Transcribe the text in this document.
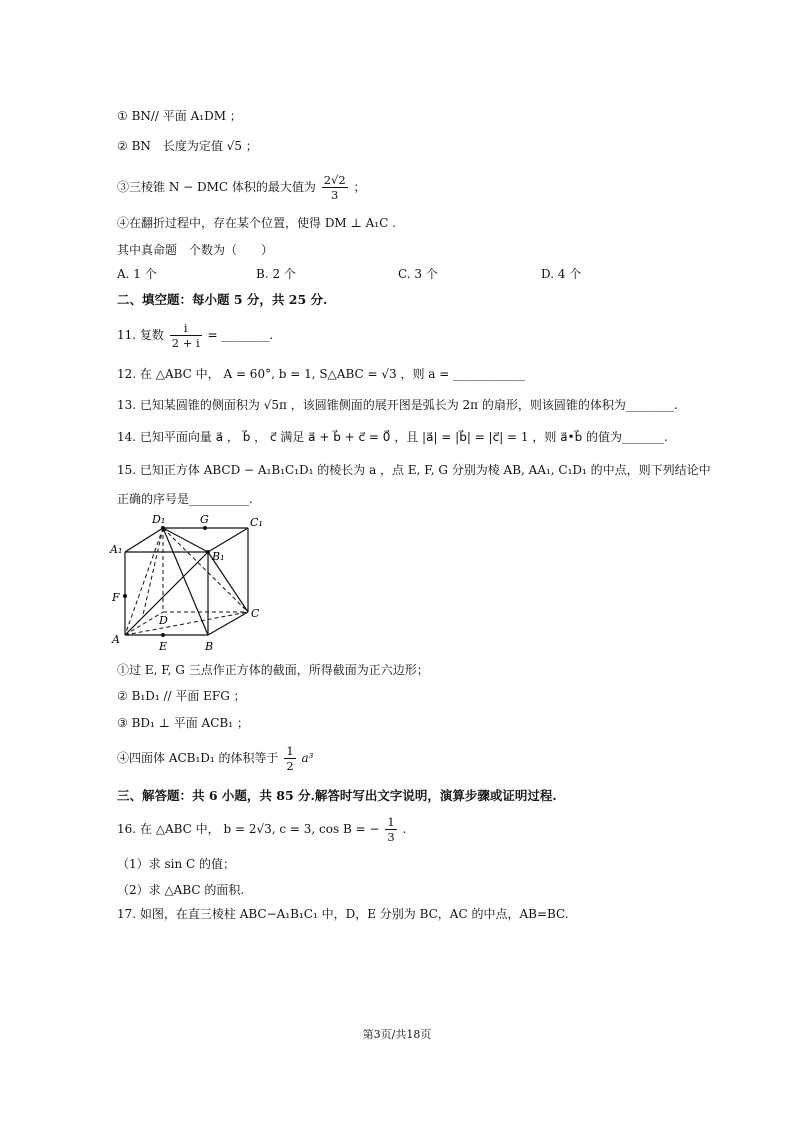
① BN// 平面 A₁DM ；
② BN　长度为定值 √5 ；
③三棱锥 N − DMC 体积的最大值为 $\frac{2√2}{3}$ ；
④在翻折过程中，存在某个位置，使得 DM ⊥ A₁C .
其中真命题　个数为（　　）
A. 1 个	B. 2 个	C. 3 个	D. 4 个
二、填空题：每小题 5 分，共 25 分.
11. 复数 $\frac{i}{2 + i}$ = ________.
12. 在 △ABC 中， A = 60°, b = 1, S△ABC = √3 ，则 a = ____________
13. 已知某圆锥的侧面积为 √5π ，该圆锥侧面的展开图是弧长为 2π 的扇形，则该圆锥的体积为________.
14. 已知平面向量 a⃗ ， b⃗ ， c⃗ 满足 a⃗ + b⃗ + c⃗ = 0⃗ ，且 |a⃗| = |b⃗| = |c⃗| = 1 ，则 a⃗•b⃗ 的值为_______.
15. 已知正方体 ABCD − A₁B₁C₁D₁ 的棱长为 a ，点 E, F, G 分别为棱 AB, AA₁, C₁D₁ 的中点，则下列结论中
正确的序号是__________.
D₁	G	C₁
A₁
B₁
F
C
D
A
E	B
①过 E, F, G 三点作正方体的截面，所得截面为正六边形；
② B₁D₁ // 平面 EFG ；
③ BD₁ ⊥ 平面 ACB₁ ；
④四面体 ACB₁D₁ 的体积等于 $\frac{1}{2} a^3$
三、解答题：共 6 小题，共 85 分.解答时写出文字说明，演算步骤或证明过程.
16. 在 △ABC 中， b = 2√3, c = 3, cos B = − $\frac{1}{3}$ .
（1）求 sin C 的值；
（2）求 △ABC 的面积.
17. 如图，在直三棱柱 ABC−A₁B₁C₁ 中，D，E 分别为 BC，AC 的中点，AB=BC.
第3页/共18页
